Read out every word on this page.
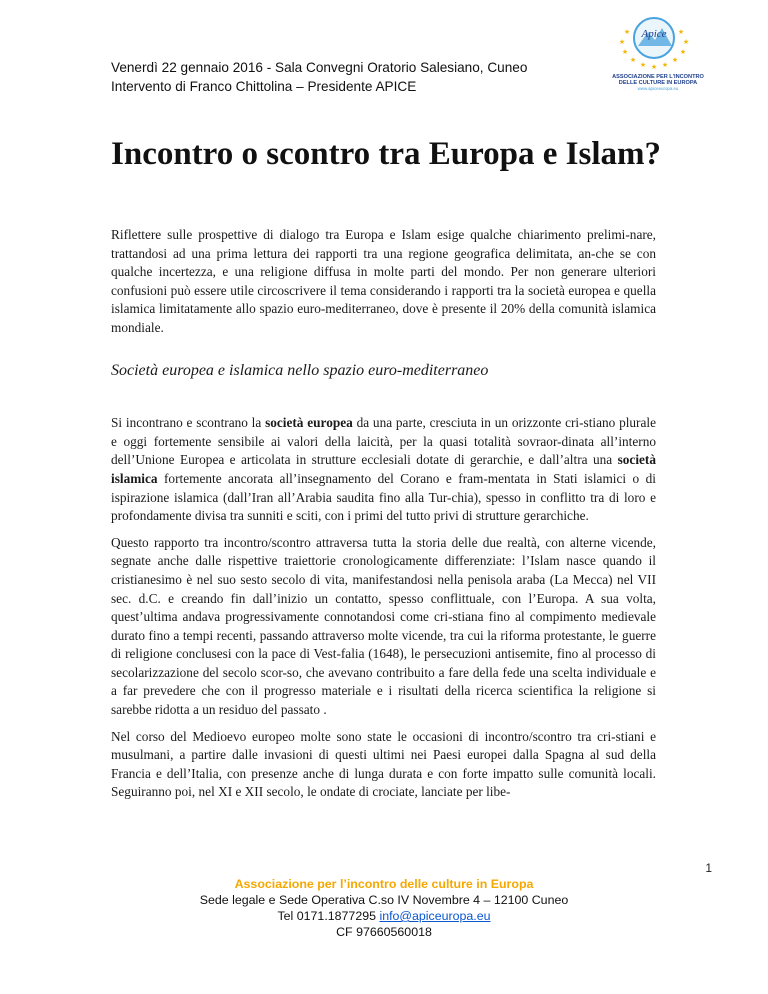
Venerdì 22 gennaio 2016 - Sala Convegni Oratorio Salesiano, Cuneo
Intervento di Franco Chittolina – Presidente APICE
Apice
★	★
★	★
★	★
★ ★
★
★	★
ASSOCIAZIONE PER L'INCONTRO
DELLE CULTURE IN EUROPA
www.apiceeuropa.eu
Incontro o scontro tra Europa e Islam?

Riflettere sulle prospettive di dialogo tra Europa e Islam esige qualche chiarimento prelimi-nare, trattandosi ad una prima lettura dei rapporti tra una regione geografica delimitata, an-che se con qualche incertezza, e una religione diffusa in molte parti del mondo. Per non generare ulteriori confusioni può essere utile circoscrivere il tema considerando i rapporti tra la società europea e quella islamica limitatamente allo spazio euro-mediterraneo, dove è presente il 20% della comunità islamica mondiale.

Società europea e islamica nello spazio euro-mediterraneo

Si incontrano e scontrano la società europea da una parte, cresciuta in un orizzonte cri-stiano plurale e oggi fortemente sensibile ai valori della laicità, per la quasi totalità sovraor-dinata all’interno dell’Unione Europea e articolata in strutture ecclesiali dotate di gerarchie, e dall’altra una società islamica fortemente ancorata all’insegnamento del Corano e fram-mentata in Stati islamici o di ispirazione islamica (dall’Iran all’Arabia saudita fino alla Tur-chia), spesso in conflitto tra di loro e profondamente divisa tra sunniti e sciti, con i primi del tutto privi di strutture gerarchiche.

Questo rapporto tra incontro/scontro attraversa tutta la storia delle due realtà, con alterne vicende, segnate anche dalle rispettive traiettorie cronologicamente differenziate: l’Islam nasce quando il cristianesimo è nel suo sesto secolo di vita, manifestandosi nella penisola araba (La Mecca) nel VII sec. d.C. e creando fin dall’inizio un contatto, spesso conflittuale, con l’Europa. A sua volta, quest’ultima andava progressivamente connotandosi come cri-stiana fino al compimento medievale durato fino a tempi recenti, passando attraverso molte vicende, tra cui la riforma protestante, le guerre di religione conclusesi con la pace di Vest-falia (1648), le persecuzioni antisemite, fino al processo di secolarizzazione del secolo scor-so, che avevano contribuito a fare della fede una scelta individuale e a far prevedere che con il progresso materiale e i risultati della ricerca scientifica la religione si sarebbe ridotta a un residuo del passato .

Nel corso del Medioevo europeo molte sono state le occasioni di incontro/scontro tra cri-stiani e musulmani, a partire dalle invasioni di questi ultimi nei Paesi europei dalla Spagna al sud della Francia e dell’Italia, con presenze anche di lunga durata e con forte impatto sulle comunità locali. Seguiranno poi, nel XI e XII secolo, le ondate di crociate, lanciate per libe-

1
Associazione per l’incontro delle culture in Europa
Sede legale e Sede Operativa C.so IV Novembre 4 – 12100 Cuneo
Tel 0171.1877295 info@apiceuropa.eu
CF 97660560018
